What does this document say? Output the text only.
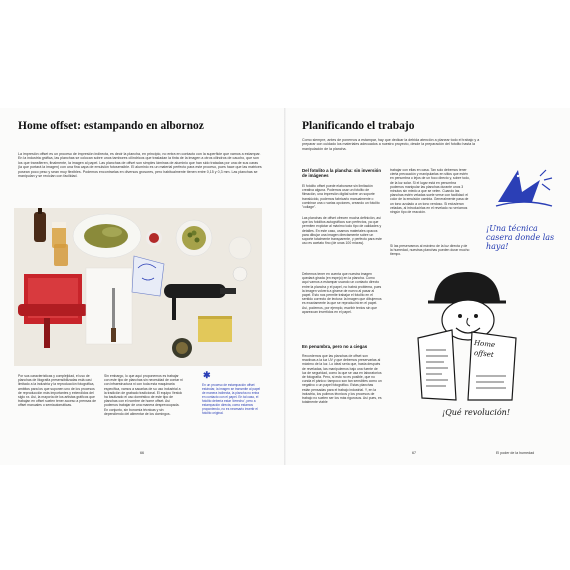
Home offset: estampando en albornoz

La impresión offset es un proceso de impresión indirecta, es decir la plancha, en principio, no entra en contacto con la superficie que vamos a estampar. En la industria gráfica, las planchas se colocan sobre unos tambores cilíndricos que trasladan la tinta de la imagen a otros cilindros de caucho, que son los que transfieren, finalmente, la imagen al papel. Las planchas de offset son simples láminas de aluminio que han sido tratadas por una de sus caras (la que portará la imagen) con una fina capa de emulsión fotosensible. El aluminio es un material perfecto para este proceso, pues hace que las matrices posean poco peso y sean muy flexibles. Podemos encontrarlas en diversos grosores, pero habitualmente tienen entre 0,15 y 0,3 mm. Las planchas se manipulan y se reciclan con facilidad.

Por sus características y complejidad, el uso de planchas de litografía presensibilizadas está casi limitado a la industria y la reproducción fotográfica, ambitos para los que suponen uno de los procesos de reproducción más importantes y extendidos del siglo xx. Así, la mayoría de los artistas gráficos que trabajan en offset suelen tener acceso a prensas de offset manuales o semiautomáticas.

Sin embargo, lo que aquí proponemos es trabajar con este tipo de planchas sin necesidad de contar ni con infraestructura ni con toda esta maquinaria específica, vamos a sacarlas de su uso industrial a la tradición de grabado tradicional. El equipo Vestok ha bautizado el uso doméstico de este tipo de planchas con el nombre de home offset. Así podemos trabajar de una manera despreocupada. En conjunto, sin bonomía técnicas y sin dependiendo del alimentar de los domingos.

✱

En un proceso de estampación offset estándar, la imagen se transmite al papel de manera indirecta, la plancha no entra en contacto con el papel. En tal caso, el fotolito debería estar 'derecho', pero a estampación directa, como estamos proponiendo, no es necesario invertir el fotolito original.

66
Planificando el trabajo

Como siempre, antes de ponernos a estampar, hay que dedicar la debida atención a planear todo el trabajo y a preparar con cuidado los materiales adecuados a nuestro proyecto, desde la preparación del fotolito hasta la manipulación de la plancha.

Del fotolito a la plancha: sin inversión de imágenes

El fotolito offset puede elaborarse sin limitación creativa alguna. Podemos usar un fotolito de filmación, una impresión digital sobre un soporte translúcido, podemos fabricarlo manualmente o combinar una o varias opciones, creando un fotolito "collage".

Las planchas de offset ofrecen mucha definición, así que los fotolitos autográficos son perfectos, ya que permiten explotar al máximo todo tipo de calidades y detalles. En este caso, usamos materiales opacos para dibujar una imagen directamente sobre un soporte totalmente transparente, y perfecto para este uso es acetato fino (de unas 100 micras).

Debemos tener en cuenta que nuestra imagen quedará girada (en espejo) en la plancha. Como aquí vamos a estampar usando un contacto directo entre la plancha y el papel, no habrá problema, pues la imagen volverá a girarse de nuevo al pasar al papel. Esto nos permite trabajar el fotolito en el sentido correcto de lectura: la imagen que dibujemos es exactamente la que se reproducirá en el papel. Así, podemos, por ejemplo, escribir textos sin que aparezcan invertidos en el papel.

En penumbra, pero no a ciegas

Recordemos que las planchas de offset son reactivas a la luz UV y que debemos preservarlas al máximo de la luz. Lo ideal sería que, hasta después de reveladas, las manipulemos bajo una fuente de luz de seguridad, como la que se usa en laboratorios de fotografía. Pero, si esto no es posible, que no cunda el pánico: tampoco son tan sensibles como un negativo o un papel fotográfico. Estas planchas están pensadas para el trabajo industrial. Y, en la industria, los pulimos técnicos y los procesos de trabajo no suelen ser los más rigurosos. Así pues, es totalmente viable

trabajar con ellas en casa. Tan solo debemos tener cierta precaución y manipularlas en sitios que estén en penumbra o lejos de un foco directo y, sobre todo, de la luz solar. Si el lugar está en penumbra podemos manipular las planchas durante unos 3 minutos sin miedo a que se velen. Cuando las planchas estén veladas suele verse con facilidad: el color de la emulsión cambia. Generalmente pasa de un tono azulado a un tono verdoso. Si estuvieran veladas, al introducirlas en el revelado no veríamos ningún tipo de reacción.

Si las preservamos al máximo de la luz directa y de la humedad, nuestras planchas pueden durar mucho tiempo.

¡Una técnica casera donde las haya!

Home
offset

¡Qué revolución!

67	El poder de la humedad
